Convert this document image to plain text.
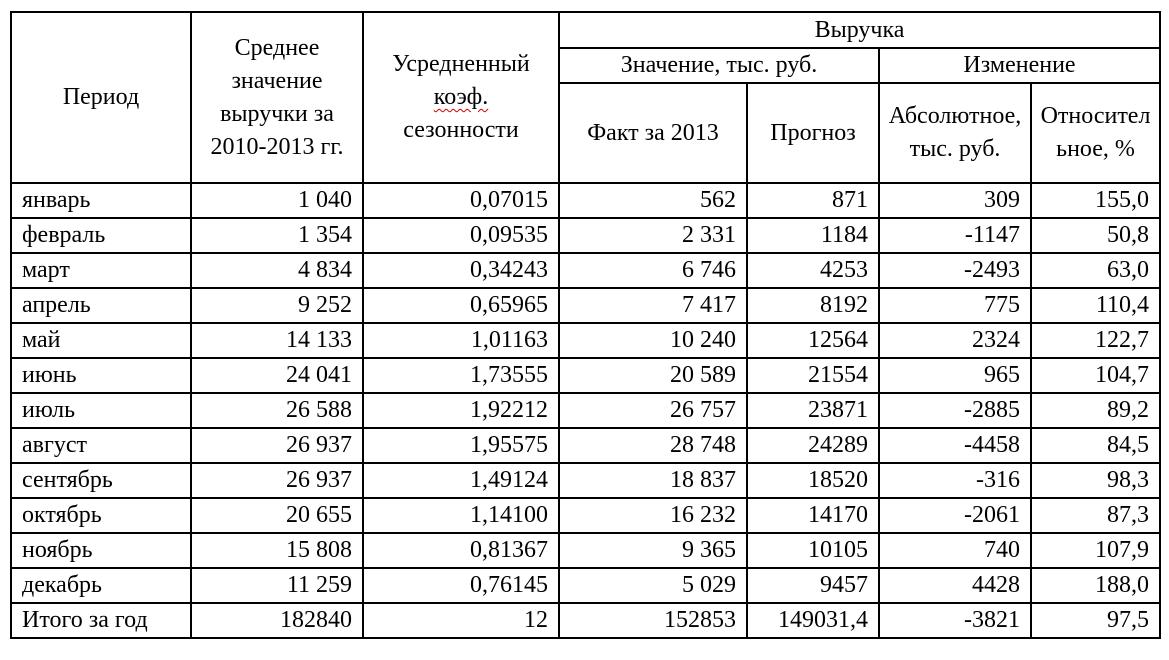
Период	Среднее значение выручки за 2010-2013 гг.	Усредненный
коэф.
сезонности	Выручка			
			Значение, тыс. руб.		Изменение	
			Факт за 2013	Прогноз	Абсолютное, тыс. руб.	Относительное, %
январь	1 040	0,07015	562	871	309	155,0
февраль	1 354	0,09535	2 331	1184	-1147	50,8
март	4 834	0,34243	6 746	4253	-2493	63,0
апрель	9 252	0,65965	7 417	8192	775	110,4
май	14 133	1,01163	10 240	12564	2324	122,7
июнь	24 041	1,73555	20 589	21554	965	104,7
июль	26 588	1,92212	26 757	23871	-2885	89,2
август	26 937	1,95575	28 748	24289	-4458	84,5
сентябрь	26 937	1,49124	18 837	18520	-316	98,3
октябрь	20 655	1,14100	16 232	14170	-2061	87,3
ноябрь	15 808	0,81367	9 365	10105	740	107,9
декабрь	11 259	0,76145	5 029	9457	4428	188,0
Итого за год	182840	12	152853	149031,4	-3821	97,5
